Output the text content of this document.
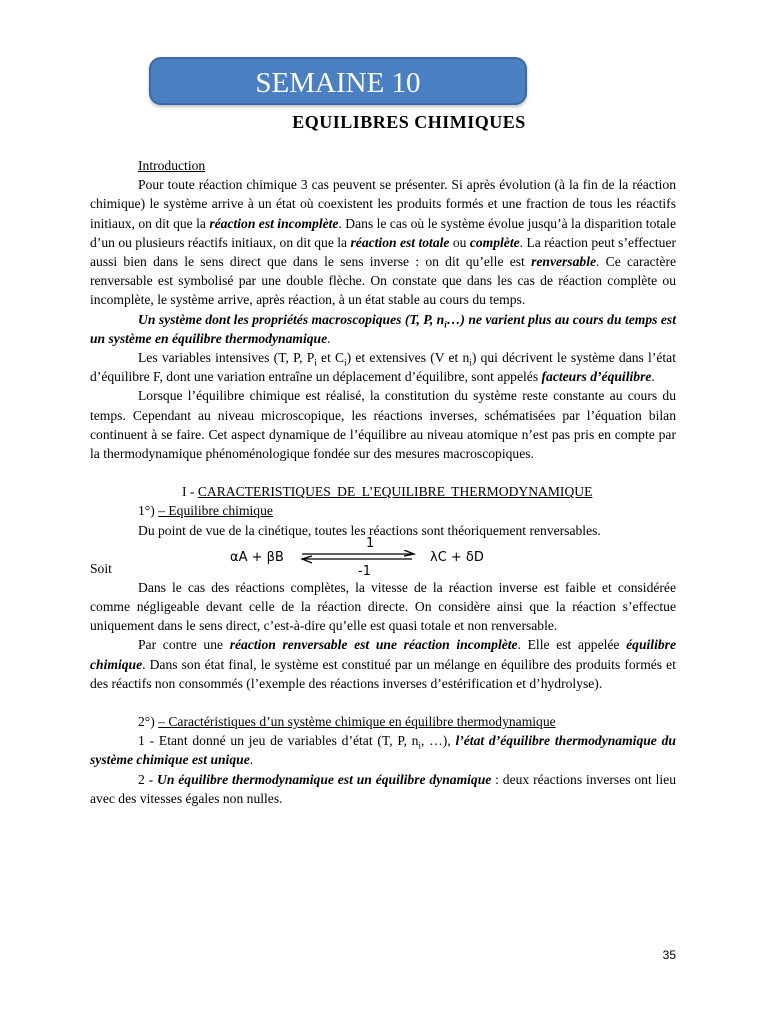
SEMAINE 10
EQUILIBRES CHIMIQUES

Introduction

Pour toute réaction chimique 3 cas peuvent se présenter. Si après évolution (à la fin de la réaction chimique) le système arrive à un état où coexistent les produits formés et une fraction de tous les réactifs initiaux, on dit que la réaction est incomplète. Dans le cas où le système évolue jusqu’à la disparition totale d’un ou plusieurs réactifs initiaux, on dit que la réaction est totale ou complète. La réaction peut s’effectuer aussi bien dans le sens direct que dans le sens inverse : on dit qu’elle est renversable. Ce caractère renversable est symbolisé par une double flèche. On constate que dans les cas de réaction complète ou incomplète, le système arrive, après réaction, à un état stable au cours du temps.

Un système dont les propriétés macroscopiques (T, P, $n_i\dots$) ne varient plus au cours du temps est un système en équilibre thermodynamique.

Les variables intensives (T, P, $P_i$ et $C_i$) et extensives (V et $n_i$) qui décrivent le système dans l’état d’équilibre F, dont une variation entraîne un déplacement d’équilibre, sont appelés facteurs d’équilibre.

Lorsque l’équilibre chimique est réalisé, la constitution du système reste constante au cours du temps. Cependant au niveau microscopique, les réactions inverses, schématisées par l’équation bilan continuent à se faire. Cet aspect dynamique de l’équilibre au niveau atomique n’est pas pris en compte par la thermodynamique phénoménologique fondée sur des mesures macroscopiques.

I - CARACTERISTIQUES DE L’EQUILIBRE THERMODYNAMIQUE

1°) – Equilibre chimique

Du point de vue de la cinétique, toutes les réactions sont théoriquement renversables.

Soit
αA + βB
1
-1
λC + δD

Dans le cas des réactions complètes, la vitesse de la réaction inverse est faible et considérée comme négligeable devant celle de la réaction directe. On considère ainsi que la réaction s’effectue uniquement dans le sens direct, c’est-à-dire qu’elle est quasi totale et non renversable.

Par contre une réaction renversable est une réaction incomplète. Elle est appelée équilibre chimique. Dans son état final, le système est constitué par un mélange en équilibre des produits formés et des réactifs non consommés (l’exemple des réactions inverses d’estérification et d’hydrolyse).

2°) – Caractéristiques d’un système chimique en équilibre thermodynamique

1 - Etant donné un jeu de variables d’état (T, P, $n_i$, …), l’état d’équilibre thermodynamique du système chimique est unique.

2 - Un équilibre thermodynamique est un équilibre dynamique : deux réactions inverses ont lieu avec des vitesses égales non nulles.

35
